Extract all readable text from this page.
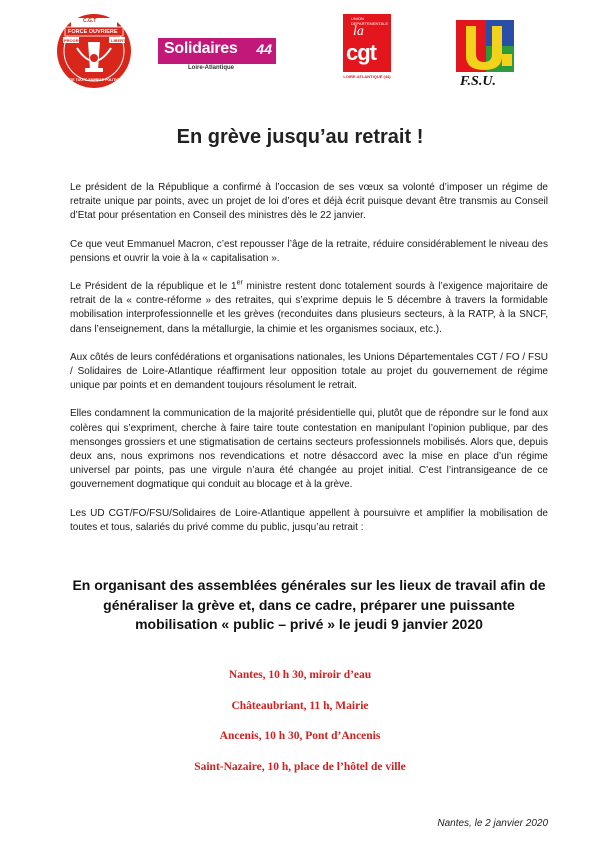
C.G.T
FORCE OUVRIERE
PROGRES	LIBERTE
UNITE TOUTE EMPRISE POLITIQUE
Solidaires 44
Loire-Atlantique
UNION DEPARTEMENTALE
la
cgt
LOIRE-ATLANTIQUE (44)	F.S.U.
En grève jusqu’au retrait !

Le président de la République a confirmé à l’occasion de ses vœux sa volonté d’imposer un régime de retraite unique par points, avec un projet de loi d’ores et déjà écrit puisque devant être transmis au Conseil d’Etat pour présentation en Conseil des ministres dès le 22 janvier.

Ce que veut Emmanuel Macron, c’est repousser l’âge de la retraite, réduire considérablement le niveau des pensions et ouvrir la voie à la « capitalisation ».

Le Président de la république et le 1er ministre restent donc totalement sourds à l’exigence majoritaire de retrait de la « contre-réforme » des retraites, qui s’exprime depuis le 5 décembre à travers la formidable mobilisation interprofessionnelle et les grèves (reconduites dans plusieurs secteurs, à la RATP, à la SNCF, dans l’enseignement, dans la métallurgie, la chimie et les organismes sociaux, etc.).

Aux côtés de leurs confédérations et organisations nationales, les Unions Départementales CGT / FO / FSU / Solidaires de Loire-Atlantique réaffirment leur opposition totale au projet du gouvernement de régime unique par points et en demandent toujours résolument le retrait.

Elles condamnent la communication de la majorité présidentielle qui, plutôt que de répondre sur le fond aux colères qui s’expriment, cherche à faire taire toute contestation en manipulant l’opinion publique, par des mensonges grossiers et une stigmatisation de certains secteurs professionnels mobilisés. Alors que, depuis deux ans, nous exprimons nos revendications et notre désaccord avec la mise en place d’un régime universel par points, pas une virgule n’aura été changée au projet initial. C’est l’intransigeance de ce gouvernement dogmatique qui conduit au blocage et à la grève.

Les UD CGT/FO/FSU/Solidaires de Loire-Atlantique appellent à poursuivre et amplifier la mobilisation de toutes et tous, salariés du privé comme du public, jusqu’au retrait :

En organisant des assemblées générales sur les lieux de travail afin de généraliser la grève et, dans ce cadre, préparer une puissante mobilisation « public – privé » le jeudi 9 janvier 2020
Nantes, 10 h 30, miroir d’eau
Châteaubriant, 11 h, Mairie
Ancenis, 10 h 30, Pont d’Ancenis
Saint-Nazaire, 10 h, place de l’hôtel de ville
Nantes, le 2 janvier 2020
